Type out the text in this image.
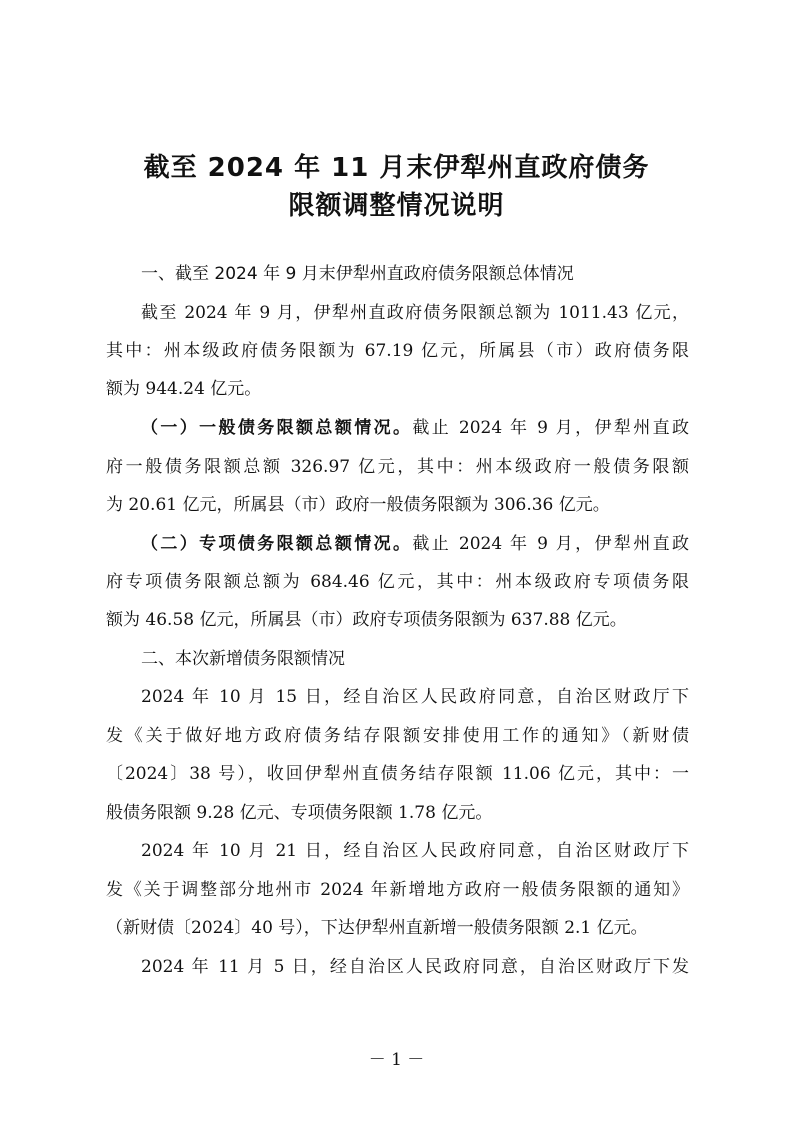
截至 2024 年 11 月末伊犁州直政府债务
限额调整情况说明
一、截至 2024 年 9 月末伊犁州直政府债务限额总体情况
截至 2024 年 9 月，伊犁州直政府债务限额总额为 1011.43 亿元，
其中：州本级政府债务限额为 67.19 亿元，所属县（市）政府债务限
额为 944.24 亿元。
（一）一般债务限额总额情况。截止 2024 年 9 月，伊犁州直政
府一般债务限额总额 326.97 亿元，其中：州本级政府一般债务限额
为 20.61 亿元，所属县（市）政府一般债务限额为 306.36 亿元。
（二）专项债务限额总额情况。截止 2024 年 9 月，伊犁州直政
府专项债务限额总额为 684.46 亿元，其中：州本级政府专项债务限
额为 46.58 亿元，所属县（市）政府专项债务限额为 637.88 亿元。
二、本次新增债务限额情况
2024 年 10 月 15 日，经自治区人民政府同意，自治区财政厅下
发《关于做好地方政府债务结存限额安排使用工作的通知》（新财债
〔2024〕38 号），收回伊犁州直债务结存限额 11.06 亿元，其中：一
般债务限额 9.28 亿元、专项债务限额 1.78 亿元。
2024 年 10 月 21 日，经自治区人民政府同意，自治区财政厅下
发《关于调整部分地州市 2024 年新增地方政府一般债务限额的通知》
（新财债〔2024〕40 号），下达伊犁州直新增一般债务限额 2.1 亿元。
2024 年 11 月 5 日，经自治区人民政府同意，自治区财政厅下发
－ 1 －
